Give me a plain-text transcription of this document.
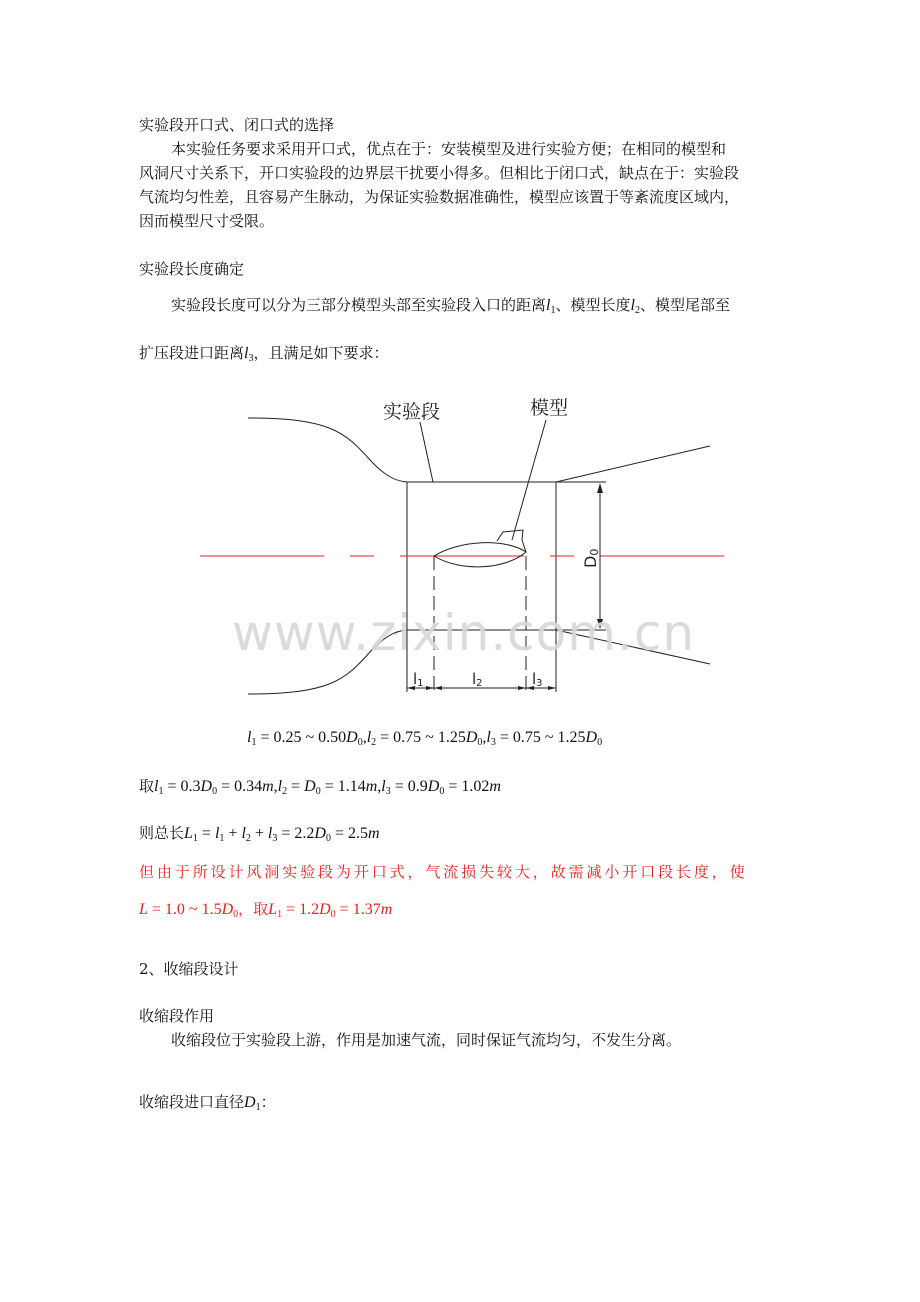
实验段开口式、闭口式的选择
本实验任务要求采用开口式，优点在于：安装模型及进行实验方便；在相同的模型和
风洞尺寸关系下，开口实验段的边界层干扰要小得多。但相比于闭口式，缺点在于：实验段
气流均匀性差，且容易产生脉动，为保证实验数据准确性，模型应该置于等紊流度区域内，
因而模型尺寸受限。
实验段长度确定
实验段长度可以分为三部分模型头部至实验段入口的距离$l_1$、模型长度$l_2$、模型尾部至
扩压段进口距离$l_3$，且满足如下要求：
实验段	模型
D0
l1	l2	l3
www.zixin.com.cn
$l_1 = 0.25$ ~ $0.50D_0,l_2 = 0.75$ ~ $1.25D_0,l_3 = 0.75$ ~ $1.25D_0$
取$l_1 = 0.3D_0 = 0.34m,l_2 = D_0 = 1.14m,l_3 = 0.9D_0 = 1.02m$
则总长$L_1 = l_1 + l_2 + l_3 = 2.2D_0 = 2.5m$
但由于所设计风洞实验段为开口式，气流损失较大，故需减小开口段长度，使
L = 1.0 ~ $1.5D_0$，取$L_1 = 1.2D_0 = 1.37m$
2、收缩段设计
收缩段作用
收缩段位于实验段上游，作用是加速气流，同时保证气流均匀，不发生分离。
收缩段进口直径$D_1$：
